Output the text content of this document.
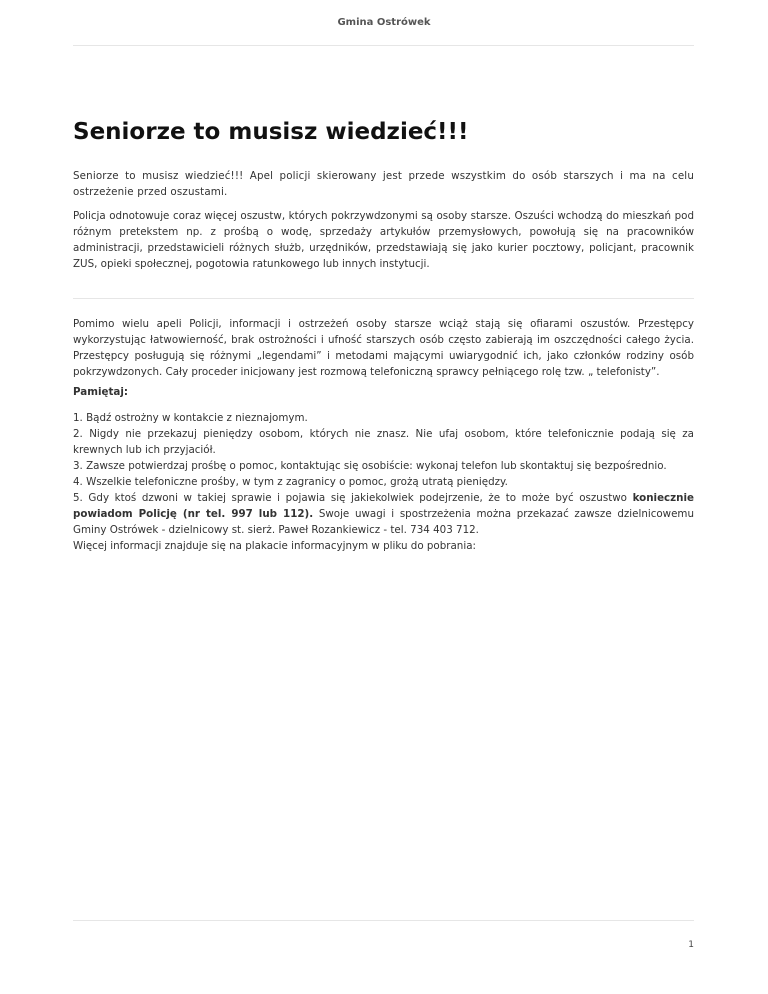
Gmina Ostrówek
Seniorze to musisz wiedzieć!!!

Seniorze to musisz wiedzieć!!! Apel policji skierowany jest przede wszystkim do osób starszych i ma na celu ostrzeżenie przed oszustami.

Policja odnotowuje coraz więcej oszustw, których pokrzywdzonymi są osoby starsze. Oszuści wchodzą do mieszkań pod różnym pretekstem np. z prośbą o wodę, sprzedaży artykułów przemysłowych, powołują się na pracowników administracji, przedstawicieli różnych służb, urzędników, przedstawiają się jako kurier pocztowy, policjant, pracownik ZUS, opieki społecznej, pogotowia ratunkowego lub innych instytucji.

Pomimo wielu apeli Policji, informacji i ostrzeżeń osoby starsze wciąż stają się ofiarami oszustów. Przestępcy wykorzystując łatwowierność, brak ostrożności i ufność starszych osób często zabierają im oszczędności całego życia. Przestępcy posługują się różnymi „legendami” i metodami mającymi uwiarygodnić ich, jako członków rodziny osób pokrzywdzonych. Cały proceder inicjowany jest rozmową telefoniczną sprawcy pełniącego rolę tzw. „ telefonisty”.

Pamiętaj:

1. Bądź ostrożny w kontakcie z nieznajomym.

2. Nigdy nie przekazuj pieniędzy osobom, których nie znasz. Nie ufaj osobom, które telefonicznie podają się za krewnych lub ich przyjaciół.

3. Zawsze potwierdzaj prośbę o pomoc, kontaktując się osobiście: wykonaj telefon lub skontaktuj się bezpośrednio.

4. Wszelkie telefoniczne prośby, w tym z zagranicy o pomoc, grożą utratą pieniędzy.

5. Gdy ktoś dzwoni w takiej sprawie i pojawia się jakiekolwiek podejrzenie, że to może być oszustwo koniecznie powiadom Policję (nr tel. 997 lub 112). Swoje uwagi i spostrzeżenia można przekazać zawsze dzielnicowemu Gminy Ostrówek - dzielnicowy st. sierż. Paweł Rozankiewicz - tel. 734 403 712.

Więcej informacji znajduje się na plakacie informacyjnym w pliku do pobrania:

1
